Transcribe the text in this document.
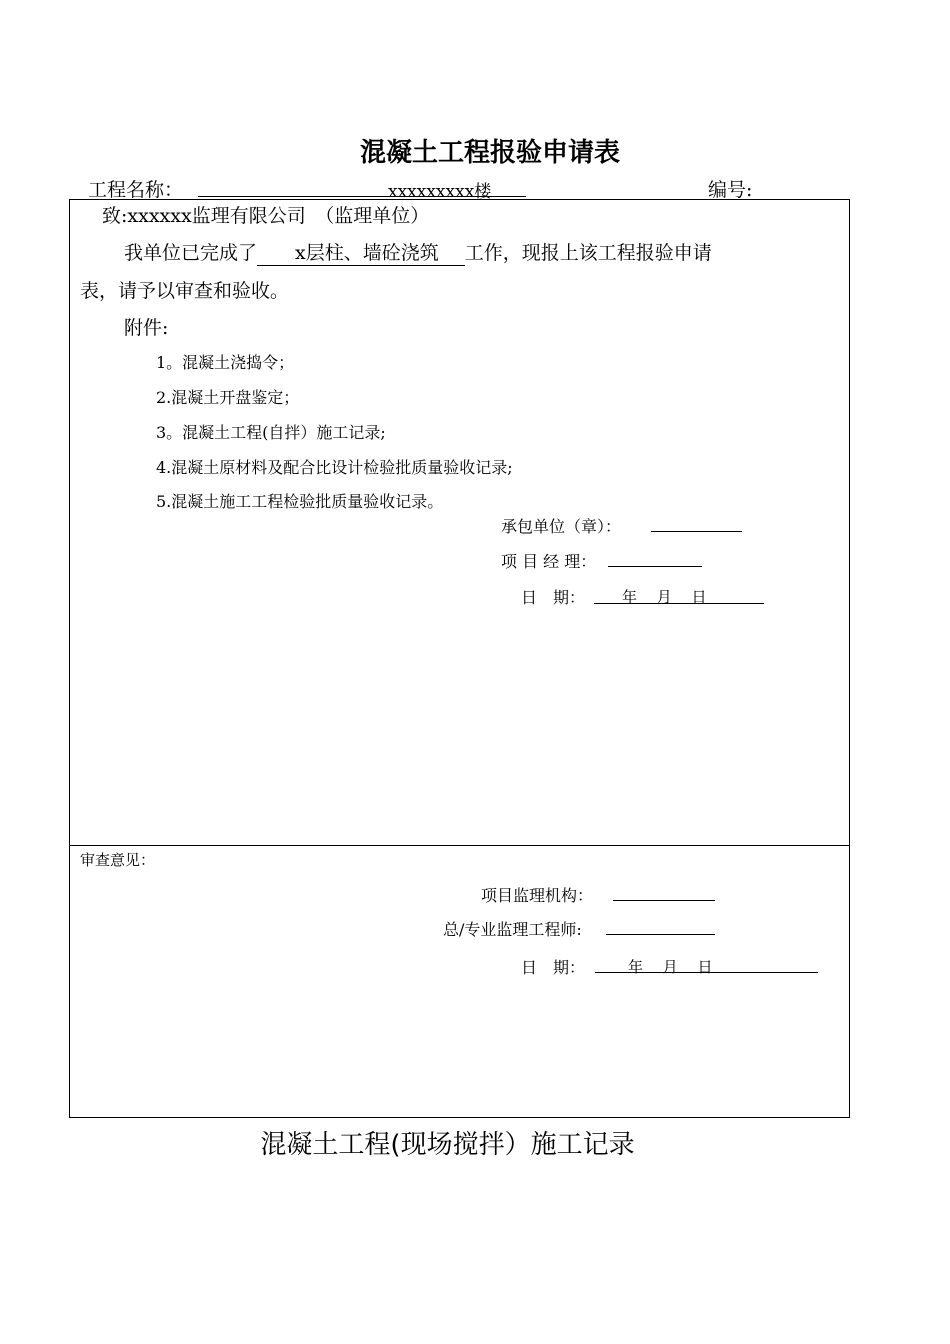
混凝土工程报验申请表
工程名称：	xxxxxxxxx楼	编号:
致:xxxxxx监理有限公司　（监理单位）
我单位已完成了 x层柱、墙砼浇筑 工作，现报上该工程报验申请
表，请予以审查和验收。
附件:
1。混凝土浇捣令；
2.混凝土开盘鉴定；
3。混凝土工程(自拌）施工记录;
4.混凝土原材料及配合比设计检验批质量验收记录;
5.混凝土施工工程检验批质量验收记录。
承包单位（章）：
项 目 经 理：
日　期： 年　 月　 日
审查意见：
项目监理机构：
总/专业监理工程师:
日　期：	年　 月　 日
混凝土工程(现场搅拌）施工记录
